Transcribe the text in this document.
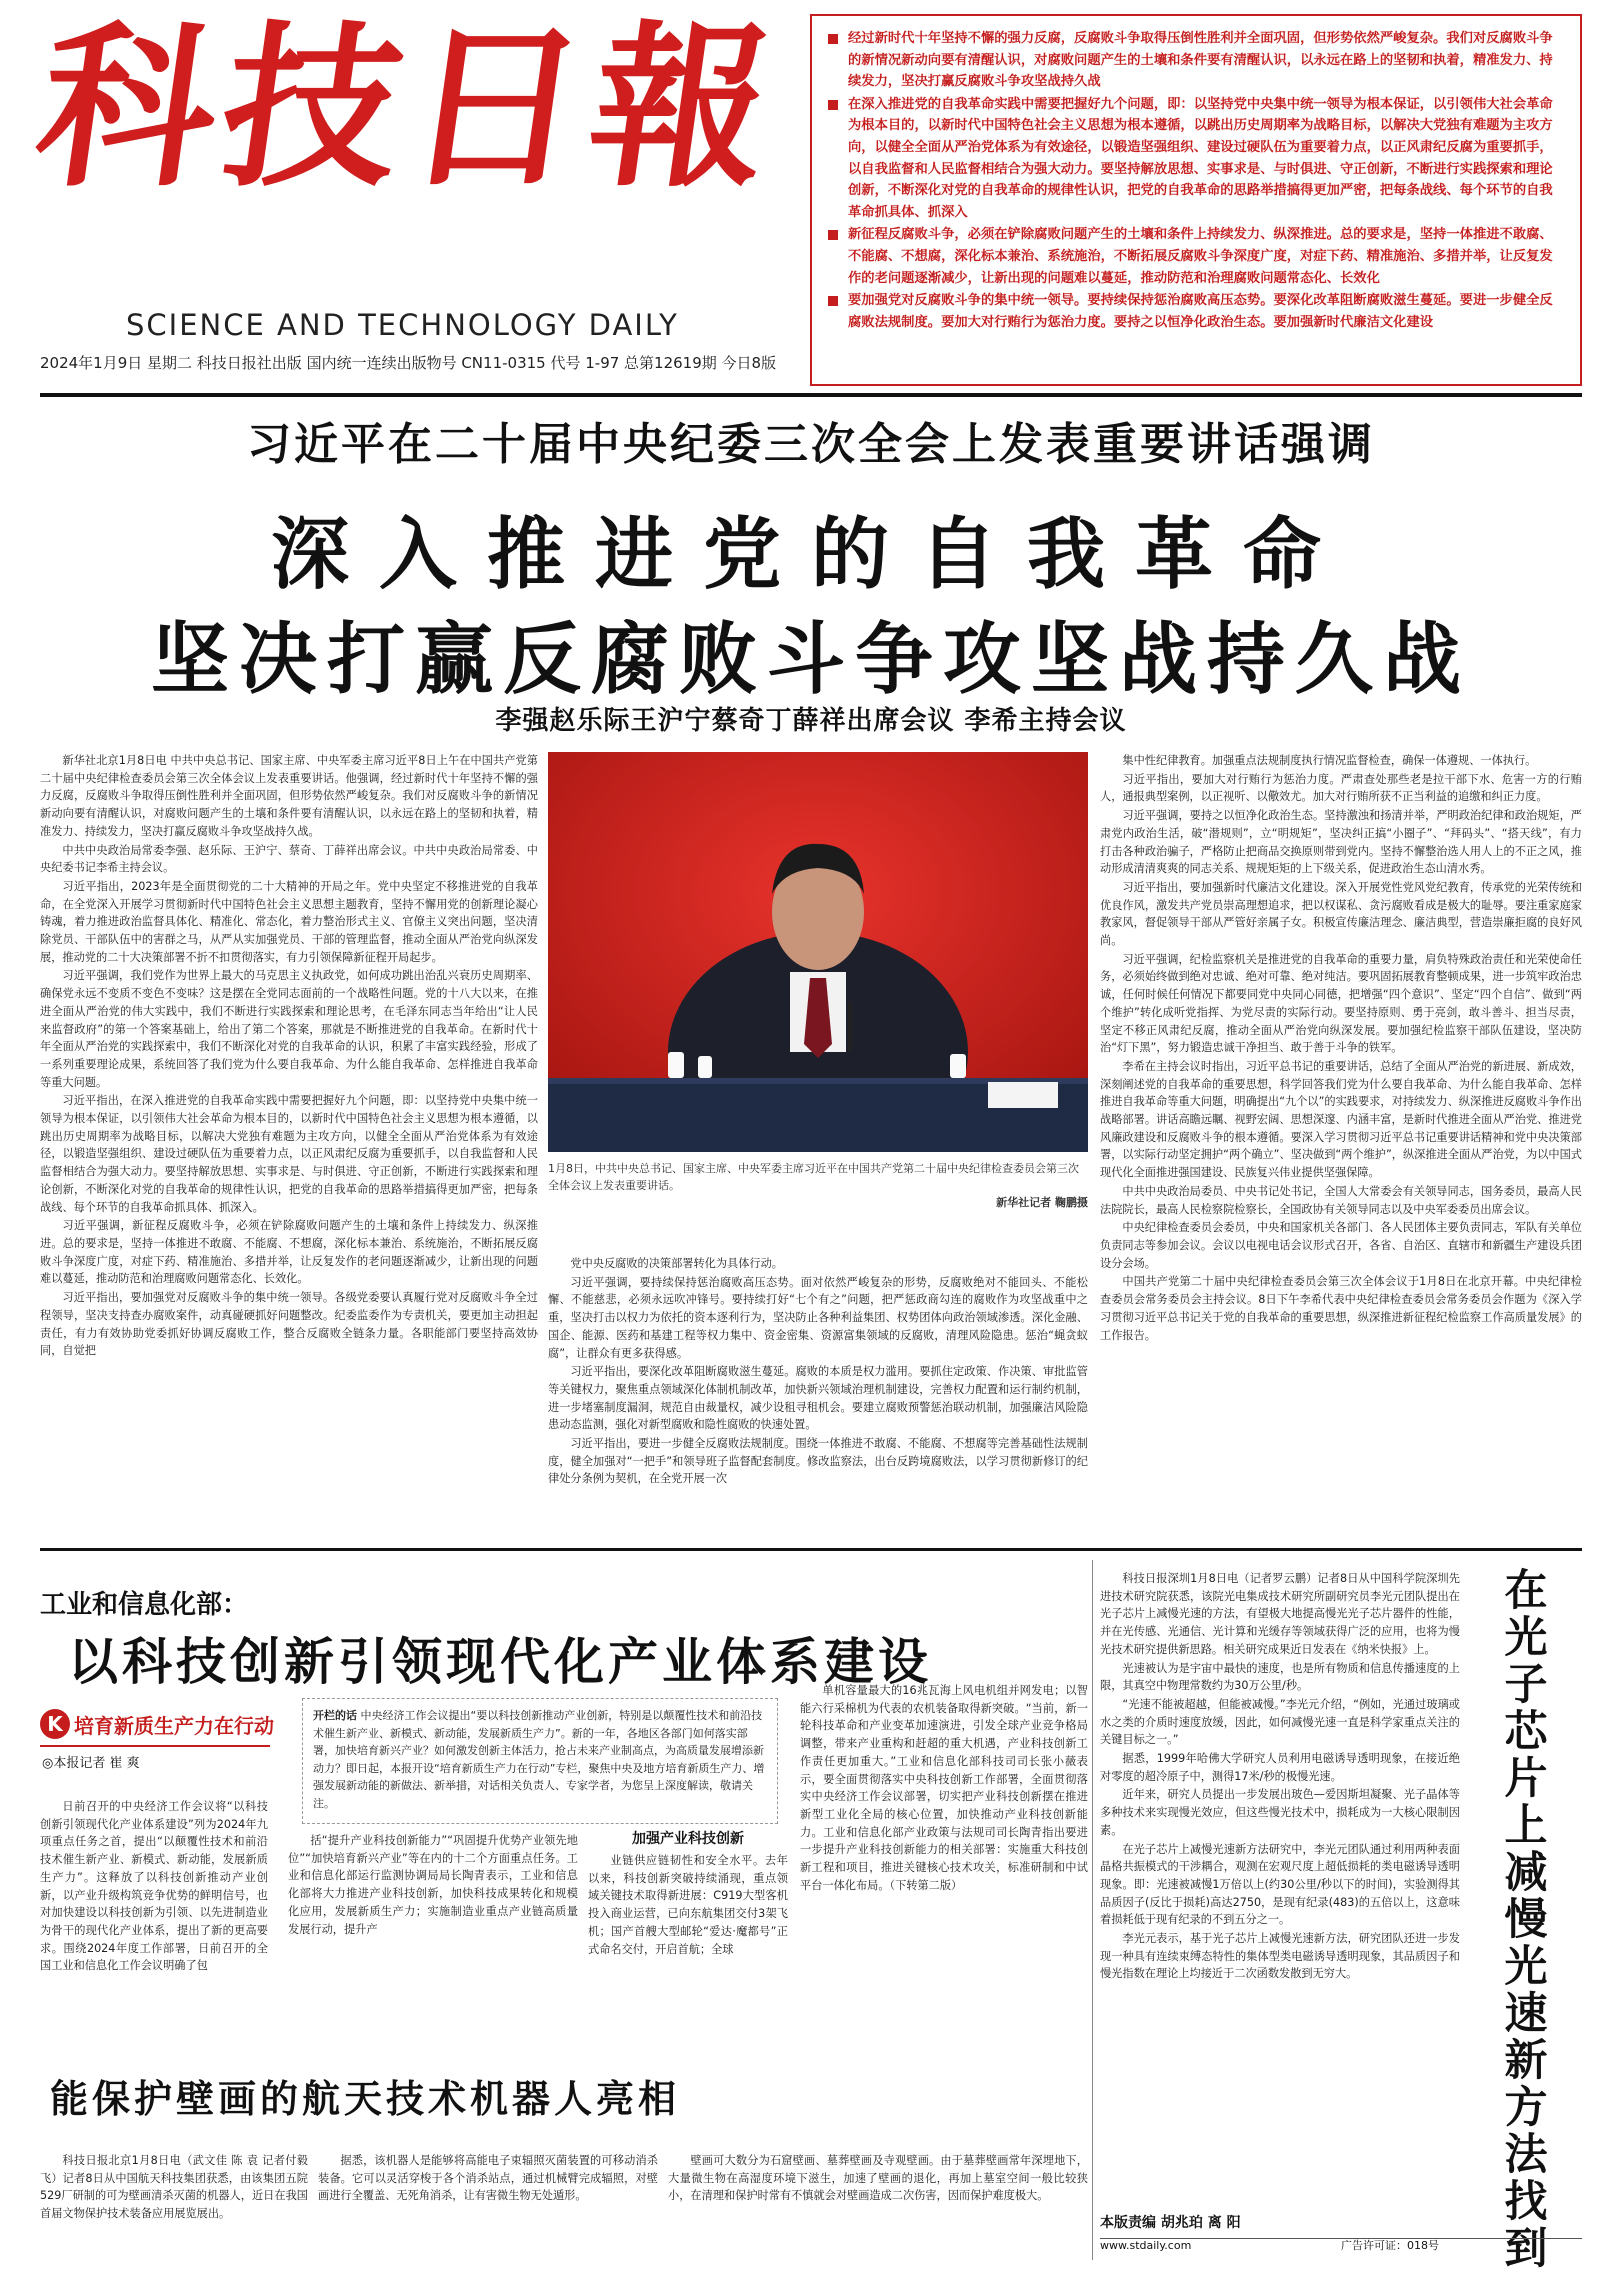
科技日報
SCIENCE AND TECHNOLOGY DAILY
2024年1月9日 星期二 科技日报社出版 国内统一连续出版物号 CN11-0315 代号 1-97 总第12619期 今日8版
经过新时代十年坚持不懈的强力反腐，反腐败斗争取得压倒性胜利并全面巩固，但形势依然严峻复杂。我们对反腐败斗争的新情况新动向要有清醒认识，对腐败问题产生的土壤和条件要有清醒认识，以永远在路上的坚韧和执着，精准发力、持续发力，坚决打赢反腐败斗争攻坚战持久战
在深入推进党的自我革命实践中需要把握好九个问题，即：以坚持党中央集中统一领导为根本保证，以引领伟大社会革命为根本目的，以新时代中国特色社会主义思想为根本遵循，以跳出历史周期率为战略目标，以解决大党独有难题为主攻方向，以健全全面从严治党体系为有效途径，以锻造坚强组织、建设过硬队伍为重要着力点，以正风肃纪反腐为重要抓手，以自我监督和人民监督相结合为强大动力。要坚持解放思想、实事求是、与时俱进、守正创新，不断进行实践探索和理论创新，不断深化对党的自我革命的规律性认识，把党的自我革命的思路举措搞得更加严密，把每条战线、每个环节的自我革命抓具体、抓深入
新征程反腐败斗争，必须在铲除腐败问题产生的土壤和条件上持续发力、纵深推进。总的要求是，坚持一体推进不敢腐、不能腐、不想腐，深化标本兼治、系统施治，不断拓展反腐败斗争深度广度，对症下药、精准施治、多措并举，让反复发作的老问题逐渐减少，让新出现的问题难以蔓延，推动防范和治理腐败问题常态化、长效化
要加强党对反腐败斗争的集中统一领导。要持续保持惩治腐败高压态势。要深化改革阻断腐败滋生蔓延。要进一步健全反腐败法规制度。要加大对行贿行为惩治力度。要持之以恒净化政治生态。要加强新时代廉洁文化建设
习近平在二十届中央纪委三次全会上发表重要讲话强调
深入推进党的自我革命
坚决打赢反腐败斗争攻坚战持久战
李强赵乐际王沪宁蔡奇丁薛祥出席会议 李希主持会议

新华社北京1月8日电 中共中央总书记、国家主席、中央军委主席习近平8日上午在中国共产党第二十届中央纪律检查委员会第三次全体会议上发表重要讲话。他强调，经过新时代十年坚持不懈的强力反腐，反腐败斗争取得压倒性胜利并全面巩固，但形势依然严峻复杂。我们对反腐败斗争的新情况新动向要有清醒认识，对腐败问题产生的土壤和条件要有清醒认识，以永远在路上的坚韧和执着，精准发力、持续发力，坚决打赢反腐败斗争攻坚战持久战。

中共中央政治局常委李强、赵乐际、王沪宁、蔡奇、丁薛祥出席会议。中共中央政治局常委、中央纪委书记李希主持会议。

习近平指出，2023年是全面贯彻党的二十大精神的开局之年。党中央坚定不移推进党的自我革命，在全党深入开展学习贯彻新时代中国特色社会主义思想主题教育，坚持不懈用党的创新理论凝心铸魂，着力推进政治监督具体化、精准化、常态化，着力整治形式主义、官僚主义突出问题，坚决清除党员、干部队伍中的害群之马，从严从实加强党员、干部的管理监督，推动全面从严治党向纵深发展，推动党的二十大决策部署不折不扣贯彻落实，有力引领保障新征程开局起步。

习近平强调，我们党作为世界上最大的马克思主义执政党，如何成功跳出治乱兴衰历史周期率、确保党永远不变质不变色不变味？这是摆在全党同志面前的一个战略性问题。党的十八大以来，在推进全面从严治党的伟大实践中，我们不断进行实践探索和理论思考，在毛泽东同志当年给出“让人民来监督政府”的第一个答案基础上，给出了第二个答案，那就是不断推进党的自我革命。在新时代十年全面从严治党的实践探索中，我们不断深化对党的自我革命的认识，积累了丰富实践经验，形成了一系列重要理论成果，系统回答了我们党为什么要自我革命、为什么能自我革命、怎样推进自我革命等重大问题。

习近平指出，在深入推进党的自我革命实践中需要把握好九个问题，即：以坚持党中央集中统一领导为根本保证，以引领伟大社会革命为根本目的，以新时代中国特色社会主义思想为根本遵循，以跳出历史周期率为战略目标，以解决大党独有难题为主攻方向，以健全全面从严治党体系为有效途径，以锻造坚强组织、建设过硬队伍为重要着力点，以正风肃纪反腐为重要抓手，以自我监督和人民监督相结合为强大动力。要坚持解放思想、实事求是、与时俱进、守正创新，不断进行实践探索和理论创新，不断深化对党的自我革命的规律性认识，把党的自我革命的思路举措搞得更加严密，把每条战线、每个环节的自我革命抓具体、抓深入。

习近平强调，新征程反腐败斗争，必须在铲除腐败问题产生的土壤和条件上持续发力、纵深推进。总的要求是，坚持一体推进不敢腐、不能腐、不想腐，深化标本兼治、系统施治，不断拓展反腐败斗争深度广度，对症下药、精准施治、多措并举，让反复发作的老问题逐渐减少，让新出现的问题难以蔓延，推动防范和治理腐败问题常态化、长效化。

习近平指出，要加强党对反腐败斗争的集中统一领导。各级党委要认真履行党对反腐败斗争全过程领导，坚决支持查办腐败案件，动真碰硬抓好问题整改。纪委监委作为专责机关，要更加主动担起责任，有力有效协助党委抓好协调反腐败工作，整合反腐败全链条力量。各职能部门要坚持高效协同，自觉把

1月8日，中共中央总书记、国家主席、中央军委主席习近平在中国共产党第二十届中央纪律检查委员会第三次全体会议上发表重要讲话。
新华社记者 鞠鹏摄

党中央反腐败的决策部署转化为具体行动。

习近平强调，要持续保持惩治腐败高压态势。面对依然严峻复杂的形势，反腐败绝对不能回头、不能松懈、不能慈悲，必须永远吹冲锋号。要持续打好“七个有之”问题，把严惩政商勾连的腐败作为攻坚战重中之重，坚决打击以权力为依托的资本逐利行为，坚决防止各种利益集团、权势团体向政治领域渗透。深化金融、国企、能源、医药和基建工程等权力集中、资金密集、资源富集领域的反腐败，清理风险隐患。惩治“蝇贪蚁腐”，让群众有更多获得感。

习近平指出，要深化改革阻断腐败滋生蔓延。腐败的本质是权力滥用。要抓住定政策、作决策、审批监管等关键权力，聚焦重点领域深化体制机制改革，加快新兴领域治理机制建设，完善权力配置和运行制约机制，进一步堵塞制度漏洞，规范自由裁量权，减少设租寻租机会。要建立腐败预警惩治联动机制，加强廉洁风险隐患动态监测，强化对新型腐败和隐性腐败的快速处置。

习近平指出，要进一步健全反腐败法规制度。围绕一体推进不敢腐、不能腐、不想腐等完善基础性法规制度，健全加强对“一把手”和领导班子监督配套制度。修改监察法，出台反跨境腐败法，以学习贯彻新修订的纪律处分条例为契机，在全党开展一次

集中性纪律教育。加强重点法规制度执行情况监督检查，确保一体遵规、一体执行。

习近平指出，要加大对行贿行为惩治力度。严肃查处那些老是拉干部下水、危害一方的行贿人，通报典型案例，以正视听、以儆效尤。加大对行贿所获不正当利益的追缴和纠正力度。

习近平强调，要持之以恒净化政治生态。坚持激浊和扬清并举，严明政治纪律和政治规矩，严肃党内政治生活，破“潜规则”，立“明规矩”，坚决纠正搞“小圈子”、“拜码头”、“搭天线”，有力打击各种政治骗子，严格防止把商品交换原则带到党内。坚持不懈整治选人用人上的不正之风，推动形成清清爽爽的同志关系、规规矩矩的上下级关系，促进政治生态山清水秀。

习近平指出，要加强新时代廉洁文化建设。深入开展党性党风党纪教育，传承党的光荣传统和优良作风，激发共产党员崇高理想追求，把以权谋私、贪污腐败看成是极大的耻辱。要注重家庭家教家风，督促领导干部从严管好亲属子女。积极宣传廉洁理念、廉洁典型，营造崇廉拒腐的良好风尚。

习近平强调，纪检监察机关是推进党的自我革命的重要力量，肩负特殊政治责任和光荣使命任务，必须始终做到绝对忠诚、绝对可靠、绝对纯洁。要巩固拓展教育整顿成果，进一步筑牢政治忠诚，任何时候任何情况下都要同党中央同心同德，把增强“四个意识”、坚定“四个自信”、做到“两个维护”转化成听党指挥、为党尽责的实际行动。要坚持原则、勇于亮剑，敢斗善斗、担当尽责，坚定不移正风肃纪反腐，推动全面从严治党向纵深发展。要加强纪检监察干部队伍建设，坚决防治“灯下黑”，努力锻造忠诚干净担当、敢于善于斗争的铁军。

李希在主持会议时指出，习近平总书记的重要讲话，总结了全面从严治党的新进展、新成效，深刻阐述党的自我革命的重要思想，科学回答我们党为什么要自我革命、为什么能自我革命、怎样推进自我革命等重大问题，明确提出“九个以”的实践要求，对持续发力、纵深推进反腐败斗争作出战略部署。讲话高瞻远瞩、视野宏阔、思想深邃、内涵丰富，是新时代推进全面从严治党、推进党风廉政建设和反腐败斗争的根本遵循。要深入学习贯彻习近平总书记重要讲话精神和党中央决策部署，以实际行动坚定拥护“两个确立”、坚决做到“两个维护”，纵深推进全面从严治党，为以中国式现代化全面推进强国建设、民族复兴伟业提供坚强保障。

中共中央政治局委员、中央书记处书记，全国人大常委会有关领导同志，国务委员，最高人民法院院长，最高人民检察院检察长，全国政协有关领导同志以及中央军委委员出席会议。

中央纪律检查委员会委员，中央和国家机关各部门、各人民团体主要负责同志，军队有关单位负责同志等参加会议。会议以电视电话会议形式召开，各省、自治区、直辖市和新疆生产建设兵团设分会场。

中国共产党第二十届中央纪律检查委员会第三次全体会议于1月8日在北京开幕。中央纪律检查委员会常务委员会主持会议。8日下午李希代表中央纪律检查委员会常务委员会作题为《深入学习贯彻习近平总书记关于党的自我革命的重要思想，纵深推进新征程纪检监察工作高质量发展》的工作报告。

工业和信息化部：
以科技创新引领现代化产业体系建设
K 培育新质生产力在行动
◎本报记者 崔 爽
开栏的话 中央经济工作会议提出“要以科技创新推动产业创新，特别是以颠覆性技术和前沿技术催生新产业、新模式、新动能，发展新质生产力”。新的一年，各地区各部门如何落实部署，加快培育新兴产业？如何激发创新主体活力，抢占未来产业制高点，为高质量发展增添新动力？即日起，本报开设“培育新质生产力在行动”专栏，聚焦中央及地方培育新质生产力、增强发展新动能的新做法、新举措，对话相关负责人、专家学者，为您呈上深度解读，敬请关注。

日前召开的中央经济工作会议将“以科技创新引领现代化产业体系建设”列为2024年九项重点任务之首，提出“以颠覆性技术和前沿技术催生新产业、新模式、新动能，发展新质生产力”。这释放了以科技创新推动产业创新，以产业升级构筑竞争优势的鲜明信号，也对加快建设以科技创新为引领、以先进制造业为骨干的现代化产业体系，提出了新的更高要求。围绕2024年度工作部署，日前召开的全国工业和信息化工作会议明确了包

括“提升产业科技创新能力”“巩固提升优势产业领先地位”“加快培育新兴产业”等在内的十二个方面重点任务。工业和信息化部运行监测协调局局长陶青表示，工业和信息化部将大力推进产业科技创新，加快科技成果转化和规模化应用，发展新质生产力；实施制造业重点产业链高质量发展行动，提升产

加强产业科技创新

业链供应链韧性和安全水平。去年以来，科技创新突破持续涌现，重点领域关键技术取得新进展：C919大型客机投入商业运营，已向东航集团交付3架飞机；国产首艘大型邮轮“爱达·魔都号”正式命名交付，开启首航；全球

单机容量最大的16兆瓦海上风电机组并网发电；以智能六行采棉机为代表的农机装备取得新突破。“当前，新一轮科技革命和产业变革加速演进，引发全球产业竞争格局调整，带来产业重构和赶超的重大机遇，产业科技创新工作责任更加重大。”工业和信息化部科技司司长张小薇表示，要全面贯彻落实中央科技创新工作部署，全面贯彻落实中央经济工作会议部署，切实把产业科技创新摆在推进新型工业化全局的核心位置，加快推动产业科技创新能力。工业和信息化部产业政策与法规司司长陶青指出要进一步提升产业科技创新能力的相关部署：实施重大科技创新工程和项目，推进关键核心技术攻关，标准研制和中试平台一体化布局。（下转第二版）

能保护壁画的航天技术机器人亮相

科技日报北京1月8日电（武文佳 陈 袁 记者付毅飞）记者8日从中国航天科技集团获悉，由该集团五院529厂研制的可为壁画清杀灭菌的机器人，近日在我国首届文物保护技术装备应用展览展出。

据悉，该机器人是能够将高能电子束辐照灭菌装置的可移动消杀装备。它可以灵活穿梭于各个消杀站点，通过机械臂完成辐照，对壁画进行全覆盖、无死角消杀，让有害微生物无处遁形。

壁画可大数分为石窟壁画、墓葬壁画及寺观壁画。由于墓葬壁画常年深埋地下，大量微生物在高湿度环境下滋生，加速了壁画的退化，再加上墓室空间一般比较狭小，在清理和保护时常有不慎就会对壁画造成二次伤害，因而保护难度极大。

科技日报深圳1月8日电（记者罗云鹏）记者8日从中国科学院深圳先进技术研究院获悉，该院光电集成技术研究所副研究员李光元团队提出在光子芯片上减慢光速的方法，有望极大地提高慢光光子芯片器件的性能，并在光传感、光通信、光计算和光缓存等领域获得广泛的应用，也将为慢光技术研究提供新思路。相关研究成果近日发表在《纳米快报》上。

光速被认为是宇宙中最快的速度，也是所有物质和信息传播速度的上限，其真空中物理常数约为30万公里/秒。

“光速不能被超越，但能被减慢。”李光元介绍，“例如，光通过玻璃或水之类的介质时速度放缓，因此，如何减慢光速一直是科学家重点关注的关键目标之一。”

据悉，1999年哈佛大学研究人员利用电磁诱导透明现象，在接近绝对零度的超冷原子中，测得17米/秒的极慢光速。

近年来，研究人员提出一步发展出玻色—爱因斯坦凝聚、光子晶体等多种技术来实现慢光效应，但这些慢光技术中，损耗成为一大核心限制因素。

在光子芯片上减慢光速新方法研究中，李光元团队通过利用两种表面晶格共振模式的干涉耦合，观测在宏观尺度上超低损耗的类电磁诱导透明现象。即：光速被减慢1万倍以上(约30公里/秒以下的时间)，实验测得其品质因子(反比于损耗)高达2750，是现有纪录(483)的五倍以上，这意味着损耗低于现有纪录的不到五分之一。

李光元表示，基于光子芯片上减慢光速新方法，研究团队还进一步发现一种具有连续束缚态特性的集体型类电磁诱导透明现象，其品质因子和慢光指数在理论上均接近于二次函数发散到无穷大。

在
光
子
芯
片
上
减
慢
光
速
新
方
法
找
到
本版责编 胡兆珀 离 阳
www.stdaily.com	广告许可证：018号
